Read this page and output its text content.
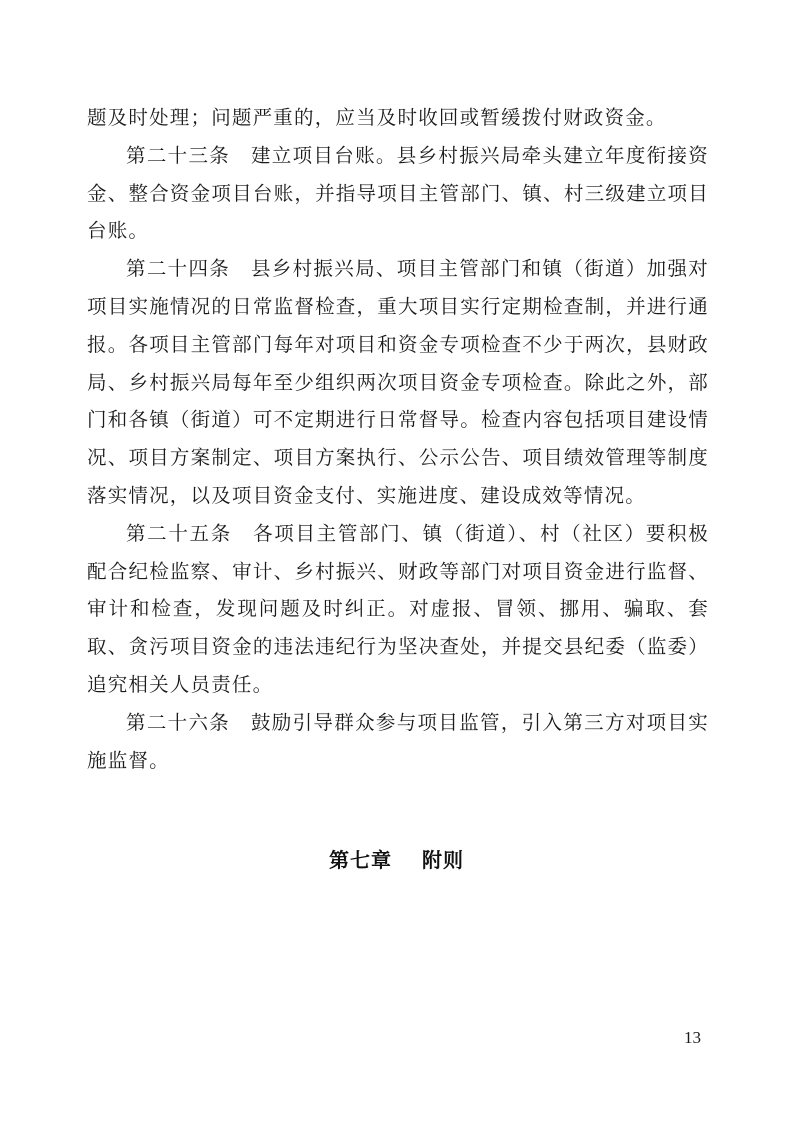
题及时处理；问题严重的，应当及时收回或暂缓拨付财政资金。

第二十三条　建立项目台账。县乡村振兴局牵头建立年度衔接资金、整合资金项目台账，并指导项目主管部门、镇、村三级建立项目台账。

第二十四条　县乡村振兴局、项目主管部门和镇（街道）加强对项目实施情况的日常监督检查，重大项目实行定期检查制，并进行通报。各项目主管部门每年对项目和资金专项检查不少于两次，县财政局、乡村振兴局每年至少组织两次项目资金专项检查。除此之外，部门和各镇（街道）可不定期进行日常督导。检查内容包括项目建设情况、项目方案制定、项目方案执行、公示公告、项目绩效管理等制度落实情况，以及项目资金支付、实施进度、建设成效等情况。

第二十五条　各项目主管部门、镇（街道）、村（社区）要积极配合纪检监察、审计、乡村振兴、财政等部门对项目资金进行监督、审计和检查，发现问题及时纠正。对虚报、冒领、挪用、骗取、套取、贪污项目资金的违法违纪行为坚决查处，并提交县纪委（监委）追究相关人员责任。

第二十六条　鼓励引导群众参与项目监管，引入第三方对项目实施监督。

第七章 附则
13
